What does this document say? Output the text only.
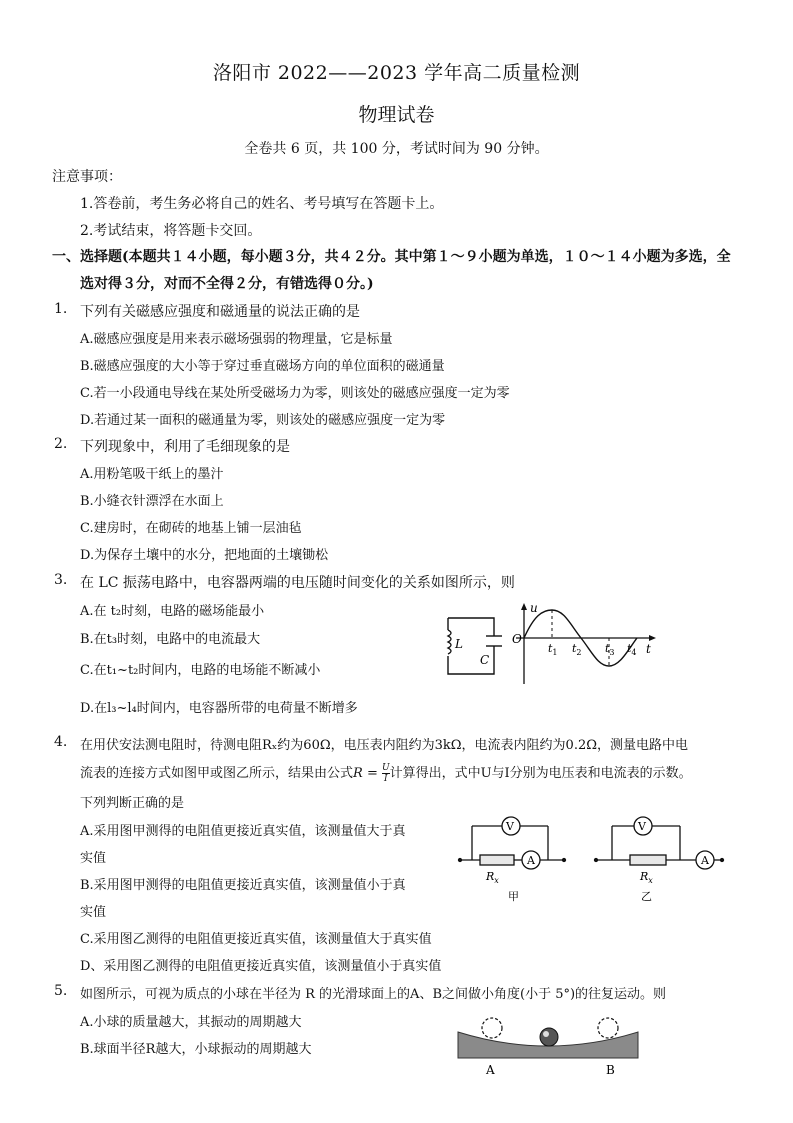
洛阳市 2022——2023 学年高二质量检测
物理试卷
全卷共 6 页，共 100 分，考试时间为 90 分钟。
注意事项：
1.答卷前，考生务必将自己的姓名、考号填写在答题卡上。
2.考试结束，将答题卡交回。
一、选择题(本题共１４小题，每小题３分，共４２分。其中第１～９小题为单选，１０～１４小题为多选，全
选对得３分，对而不全得２分，有错选得０分。)
1. 下列有关磁感应强度和磁通量的说法正确的是
A.磁感应强度是用来表示磁场强弱的物理量，它是标量
B.磁感应强度的大小等于穿过垂直磁场方向的单位面积的磁通量
C.若一小段通电导线在某处所受磁场力为零，则该处的磁感应强度一定为零
D.若通过某一面积的磁通量为零，则该处的磁感应强度一定为零
2. 下列现象中，利用了毛细现象的是
A.用粉笔吸干纸上的墨汁
B.小缝衣针漂浮在水面上
C.建房时，在砌砖的地基上铺一层油毡
D.为保存土壤中的水分，把地面的土壤锄松
3. 在 LC 振荡电路中，电容器两端的电压随时间变化的关系如图所示，则
A.在 t₂时刻，电路的磁场能最小
B.在t₃时刻，电路中的电流最大
C.在t₁~t₂时间内，电路的电场能不断减小
D.在l₃~l₄时间内，电容器所带的电荷量不断增多
L
C
u
O
t
$t_1$ $t_2$ $t_3$ $t_4$
4. 在用伏安法测电阻时，待测电阻Rₓ约为60Ω，电压表内阻约为3kΩ，电流表内阻约为0.2Ω，测量电路中电
流表的连接方式如图甲或图乙所示，结果由公式$R = \frac{U}{I}$ 计算得出，式中U与I分别为电压表和电流表的示数。
下列判断正确的是
A.采用图甲测得的电阻值更接近真实值，该测量值大于真
实值
B.采用图甲测得的电阻值更接近真实值，该测量值小于真
实值
C.采用图乙测得的电阻值更接近真实值，该测量值大于真实值
D、采用图乙测得的电阻值更接近真实值，该测量值小于真实值
V
A
$R_x$
甲
V
A
$R_x$
乙
5. 如图所示，可视为质点的小球在半径为 R 的光滑球面上的A、B之间做小角度(小于 5°)的往复运动。则
A.小球的质量越大，其振动的周期越大
B.球面半径R越大，小球振动的周期越大
A	B
